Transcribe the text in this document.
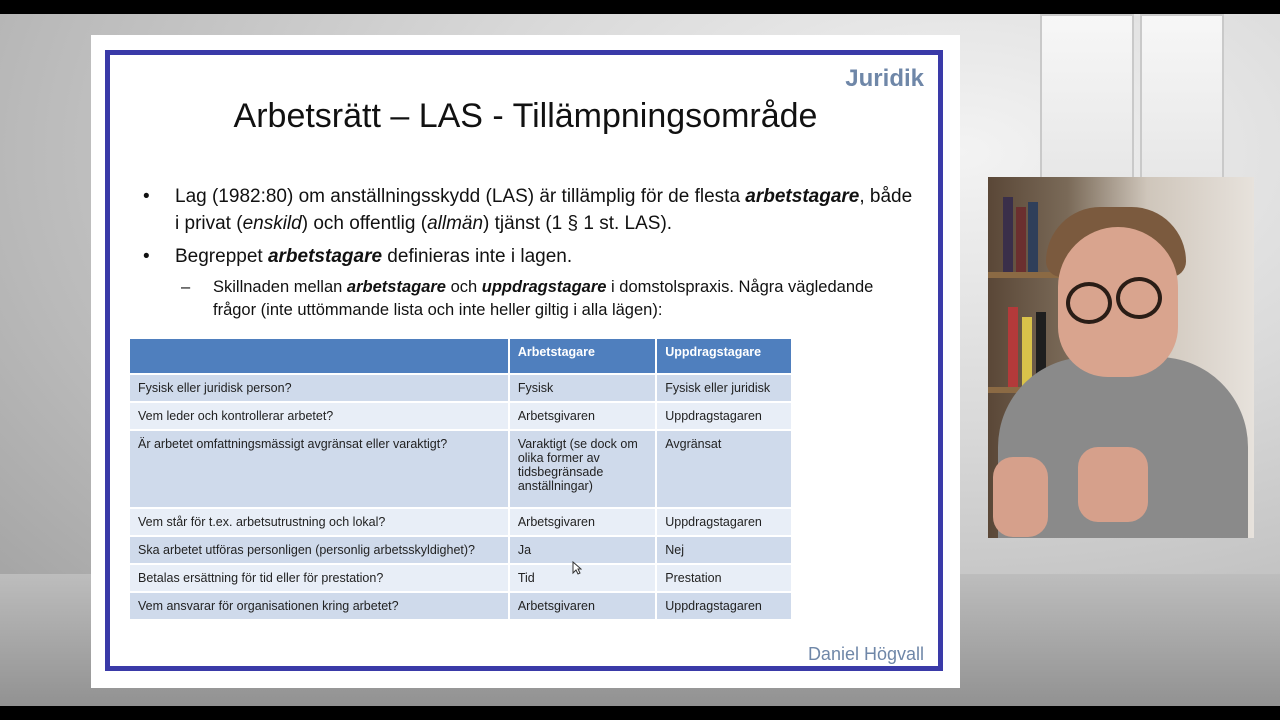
Juridik
Arbetsrätt – LAS - Tillämpningsområde
• Lag (1982:80) om anställningsskydd (LAS) är tillämplig för de flesta arbetstagare, både i privat (enskild) och offentlig (allmän) tjänst (1 § 1 st. LAS).
• Begreppet arbetstagare definieras inte i lagen.
– Skillnaden mellan arbetstagare och uppdragstagare i domstolspraxis. Några vägledande frågor (inte uttömmande lista och inte heller giltig i alla lägen):
	Arbetstagare	Uppdragstagare
Fysisk eller juridisk person?	Fysisk	Fysisk eller juridisk
Vem leder och kontrollerar arbetet?	Arbetsgivaren	Uppdragstagaren
Är arbetet omfattningsmässigt avgränsat eller varaktigt?	Varaktigt (se dock om olika former av tidsbegränsade anställningar)	Avgränsat
Vem står för t.ex. arbetsutrustning och lokal?	Arbetsgivaren	Uppdragstagaren
Ska arbetet utföras personligen (personlig arbetsskyldighet)?	Ja	Nej
Betalas ersättning för tid eller för prestation?	Tid	Prestation
Vem ansvarar för organisationen kring arbetet?	Arbetsgivaren	Uppdragstagaren
Daniel Högvall
